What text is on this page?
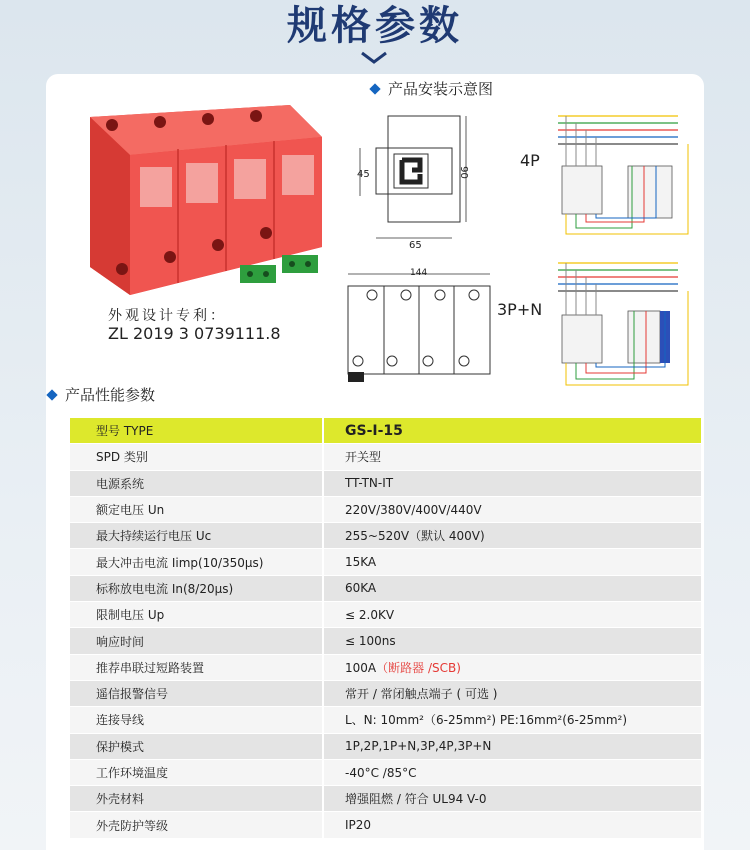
规格参数
产品安装示意图
外观设计专利：
ZL 2019 3 0739111.8
45	90
65
144
4P
3P+N
产品性能参数
型号 TYPE	GS-I-15
SPD 类别	开关型
电源系统	TT-TN-IT
额定电压 Un	220V/380V/400V/440V
最大持续运行电压 Uc	255~520V（默认 400V)
最大冲击电流 Iimp(10/350μs)	15KA
标称放电电流 In(8/20μs)	60KA
限制电压 Up	≤ 2.0KV
响应时间	≤ 100ns
推荐串联过短路装置	100A（断路器 /SCB)
遥信报警信号	常开 / 常闭触点端子 ( 可选 )
连接导线	L、N: 10mm²（6-25mm²) PE:16mm²(6-25mm²)
保护模式	1P,2P,1P+N,3P,4P,3P+N
工作环境温度	-40°C /85°C
外壳材料	增强阻燃 / 符合 UL94 V-0
外壳防护等级	IP20
